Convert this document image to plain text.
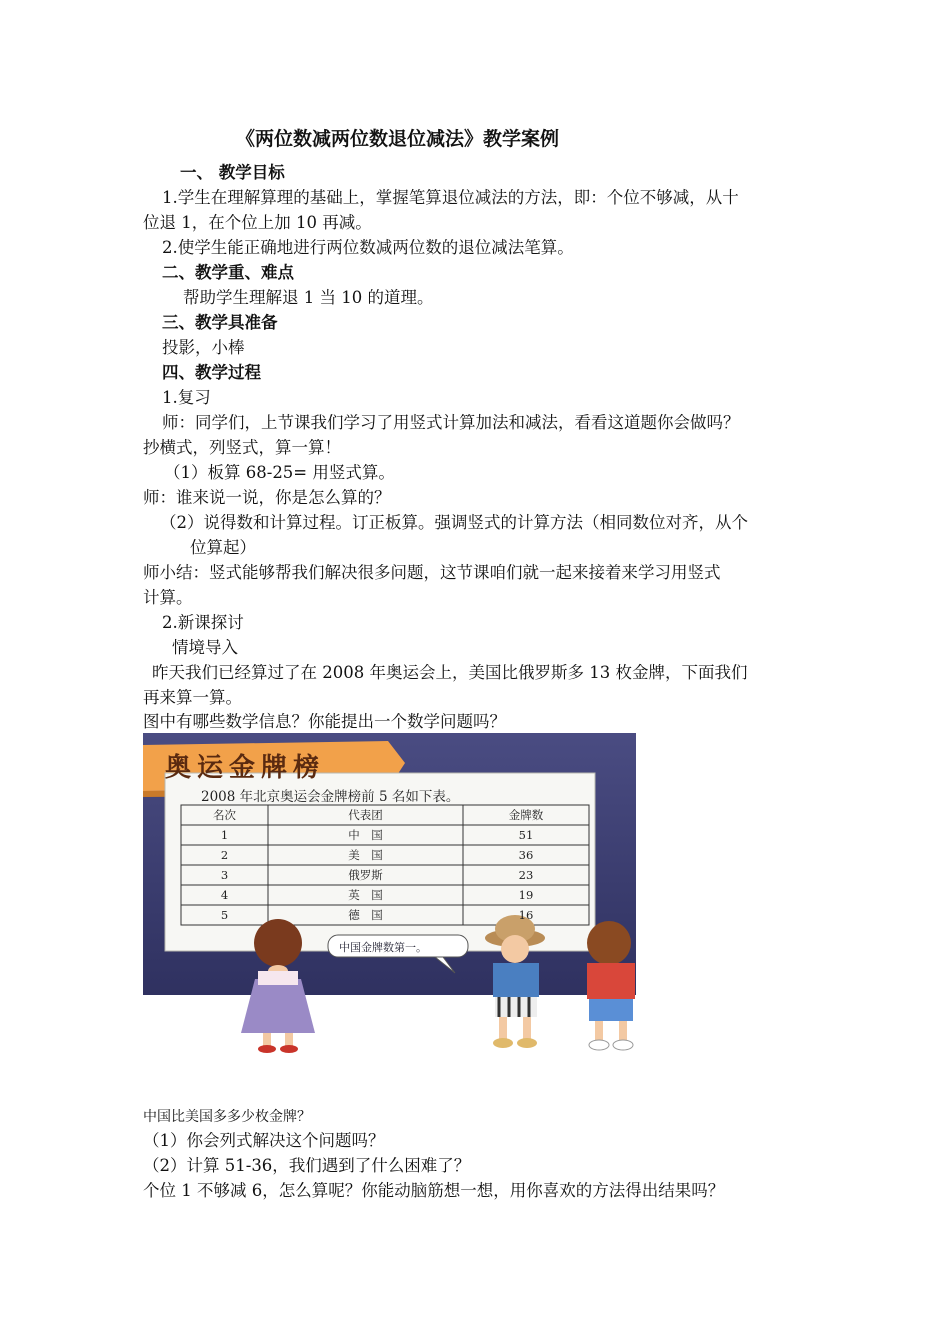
《两位数减两位数退位减法》教学案例
一、 教学目标
1.学生在理解算理的基础上，掌握笔算退位减法的方法，即：个位不够减，从十
位退 1，在个位上加 10 再减。
2.使学生能正确地进行两位数减两位数的退位减法笔算。
二、教学重、难点
帮助学生理解退 1 当 10 的道理。
三、教学具准备
投影，小棒
四、教学过程
1.复习
师：同学们，上节课我们学习了用竖式计算加法和减法，看看这道题你会做吗？
抄横式，列竖式，算一算！
（1）板算 68-25= 用竖式算。
师：谁来说一说，你是怎么算的？
（2）说得数和计算过程。订正板算。强调竖式的计算方法（相同数位对齐，从个
位算起）
师小结：竖式能够帮我们解决很多问题，这节课咱们就一起来接着来学习用竖式
计算。
2.新课探讨
情境导入
昨天我们已经算过了在 2008 年奥运会上，美国比俄罗斯多 13 枚金牌，下面我们
再来算一算。
图中有哪些数学信息？你能提出一个数学问题吗？
奥运金牌榜
2008 年北京奥运会金牌榜前 5 名如下表。
名次	代表团	金牌数
1	中　国	51
2	美　国	36
3	俄罗斯	23
4	英　国	19
5	德　国	16
中国金牌数第一。
中国比美国多多少枚金牌？
（1）你会列式解决这个问题吗？
（2）计算 51-36，我们遇到了什么困难了？
个位 1 不够减 6，怎么算呢？你能动脑筋想一想，用你喜欢的方法得出结果吗？
